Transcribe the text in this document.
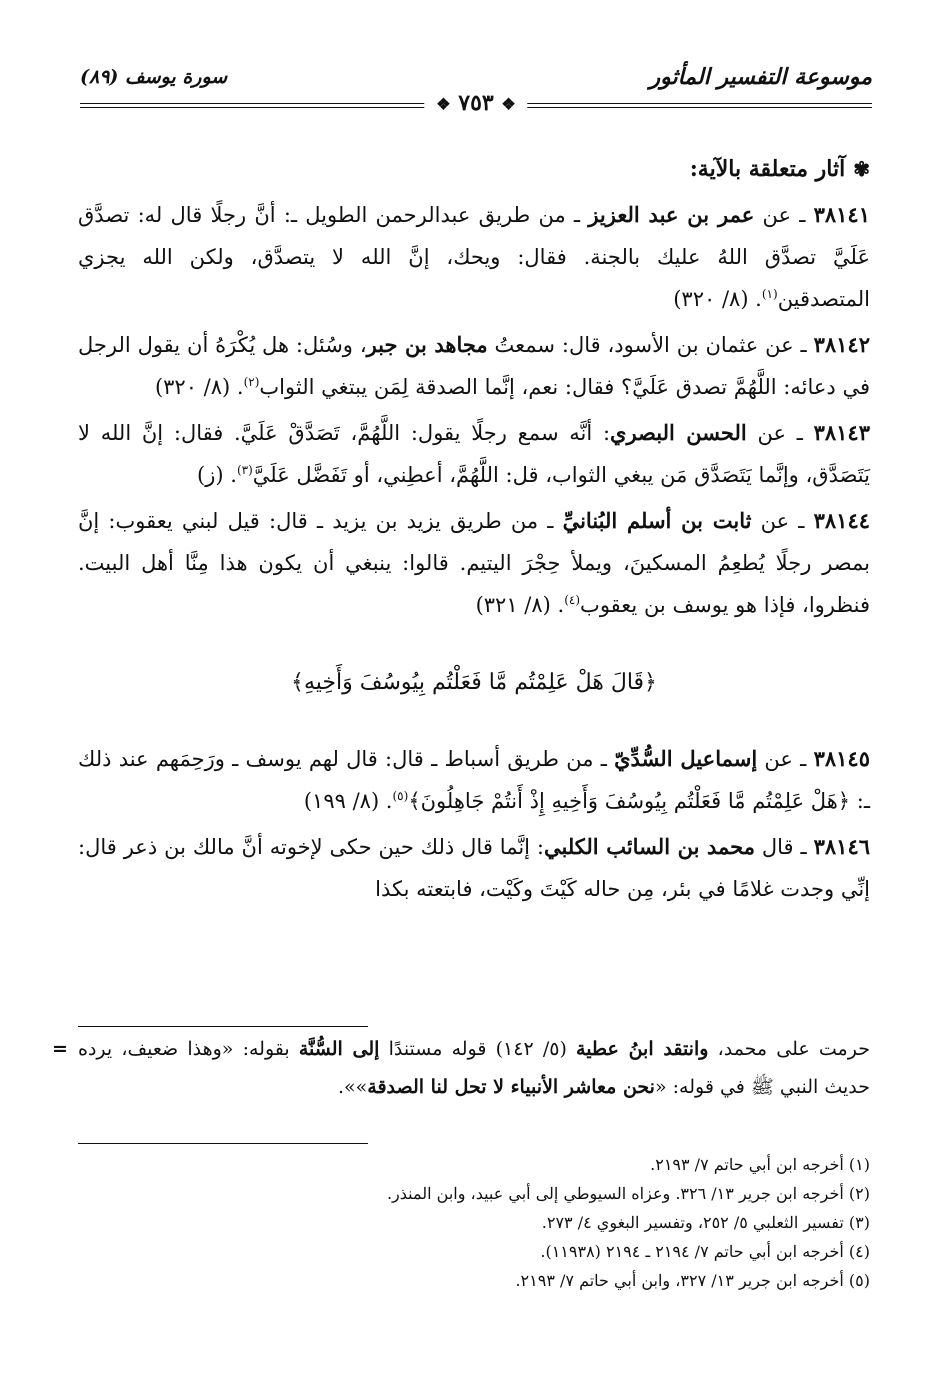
موسوعة التفسير المأثور
سورة يوسف (٨٩)
❖ ٧٥٣ ❖
✾آثار متعلقة بالآية:
٣٨١٤١ ـ عن عمر بن عبد العزيز ـ من طريق عبدالرحمن الطويل ـ: أنَّ رجلًا قال له: تصدَّق عَلَيَّ تصدَّق اللهُ عليك بالجنة. فقال: ويحك، إنَّ الله لا يتصدَّق، ولكن الله يجزي المتصدقين$^{(١)}$. (٨/ ٣٢٠)
٣٨١٤٢ ـ عن عثمان بن الأسود، قال: سمعتُ مجاهد بن جبر، وسُئل: هل يُكْرَهُ أن يقول الرجل في دعائه: اللَّهُمَّ تصدق عَلَيَّ؟ فقال: نعم، إنَّما الصدقة لِمَن يبتغي الثواب$^{(٢)}$. (٨/ ٣٢٠)
٣٨١٤٣ ـ عن الحسن البصري: أنَّه سمع رجلًا يقول: اللَّهُمَّ، تَصَدَّقْ عَلَيَّ. فقال: إنَّ الله لا يَتَصَدَّق، وإنَّما يَتَصَدَّق مَن يبغي الثواب، قل: اللَّهُمَّ، أعطِني، أو تَفَضَّل عَلَيَّ$^{(٣)}$. (ز)
٣٨١٤٤ ـ عن ثابت بن أسلم البُنانيِّ ـ من طريق يزيد بن يزيد ـ قال: قيل لبني يعقوب: إنَّ بمصر رجلًا يُطعِمُ المسكينَ، ويملأ حِجْرَ اليتيم. قالوا: ينبغي أن يكون هذا مِنَّا أهل البيت. فنظروا، فإذا هو يوسف بن يعقوب$^{(٤)}$. (٨/ ٣٢١)
﴿قَالَ هَلْ عَلِمْتُم مَّا فَعَلْتُم بِيُوسُفَ وَأَخِيهِ﴾
٣٨١٤٥ ـ عن إسماعيل السُّدِّيّ ـ من طريق أسباط ـ قال: قال لهم يوسف ـ ورَحِمَهم عند ذلك ـ: ﴿هَلْ عَلِمْتُم مَّا فَعَلْتُم بِيُوسُفَ وَأَخِيهِ إِذْ أَنتُمْ جَاهِلُونَ﴾$^{(٥)}$. (٨/ ١٩٩)
٣٨١٤٦ ـ قال محمد بن السائب الكلبي: إنَّما قال ذلك حين حكى لإخوته أنَّ مالك بن ذعر قال: إنِّي وجدت غلامًا في بئر، مِن حاله كَيْتَ وكَيْت، فابتعته بكذا
=	حرمت على محمد، وانتقد ابنُ عطية (٥/ ١٤٢) قوله مستندًا إلى السُّنَّة بقوله: «وهذا ضعيف، يرده حديث النبي ﷺ في قوله: «نحن معاشر الأنبياء لا تحل لنا الصدقة»».
(١) أخرجه ابن أبي حاتم ٧/ ٢١٩٣.
(٢) أخرجه ابن جرير ١٣/ ٣٢٦. وعزاه السيوطي إلى أبي عبيد، وابن المنذر.
(٣) تفسير الثعلبي ٥/ ٢٥٢، وتفسير البغوي ٤/ ٢٧٣.
(٤) أخرجه ابن أبي حاتم ٧/ ٢١٩٤ ـ ٢١٩٤ (١١٩٣٨).
(٥) أخرجه ابن جرير ١٣/ ٣٢٧، وابن أبي حاتم ٧/ ٢١٩٣.
